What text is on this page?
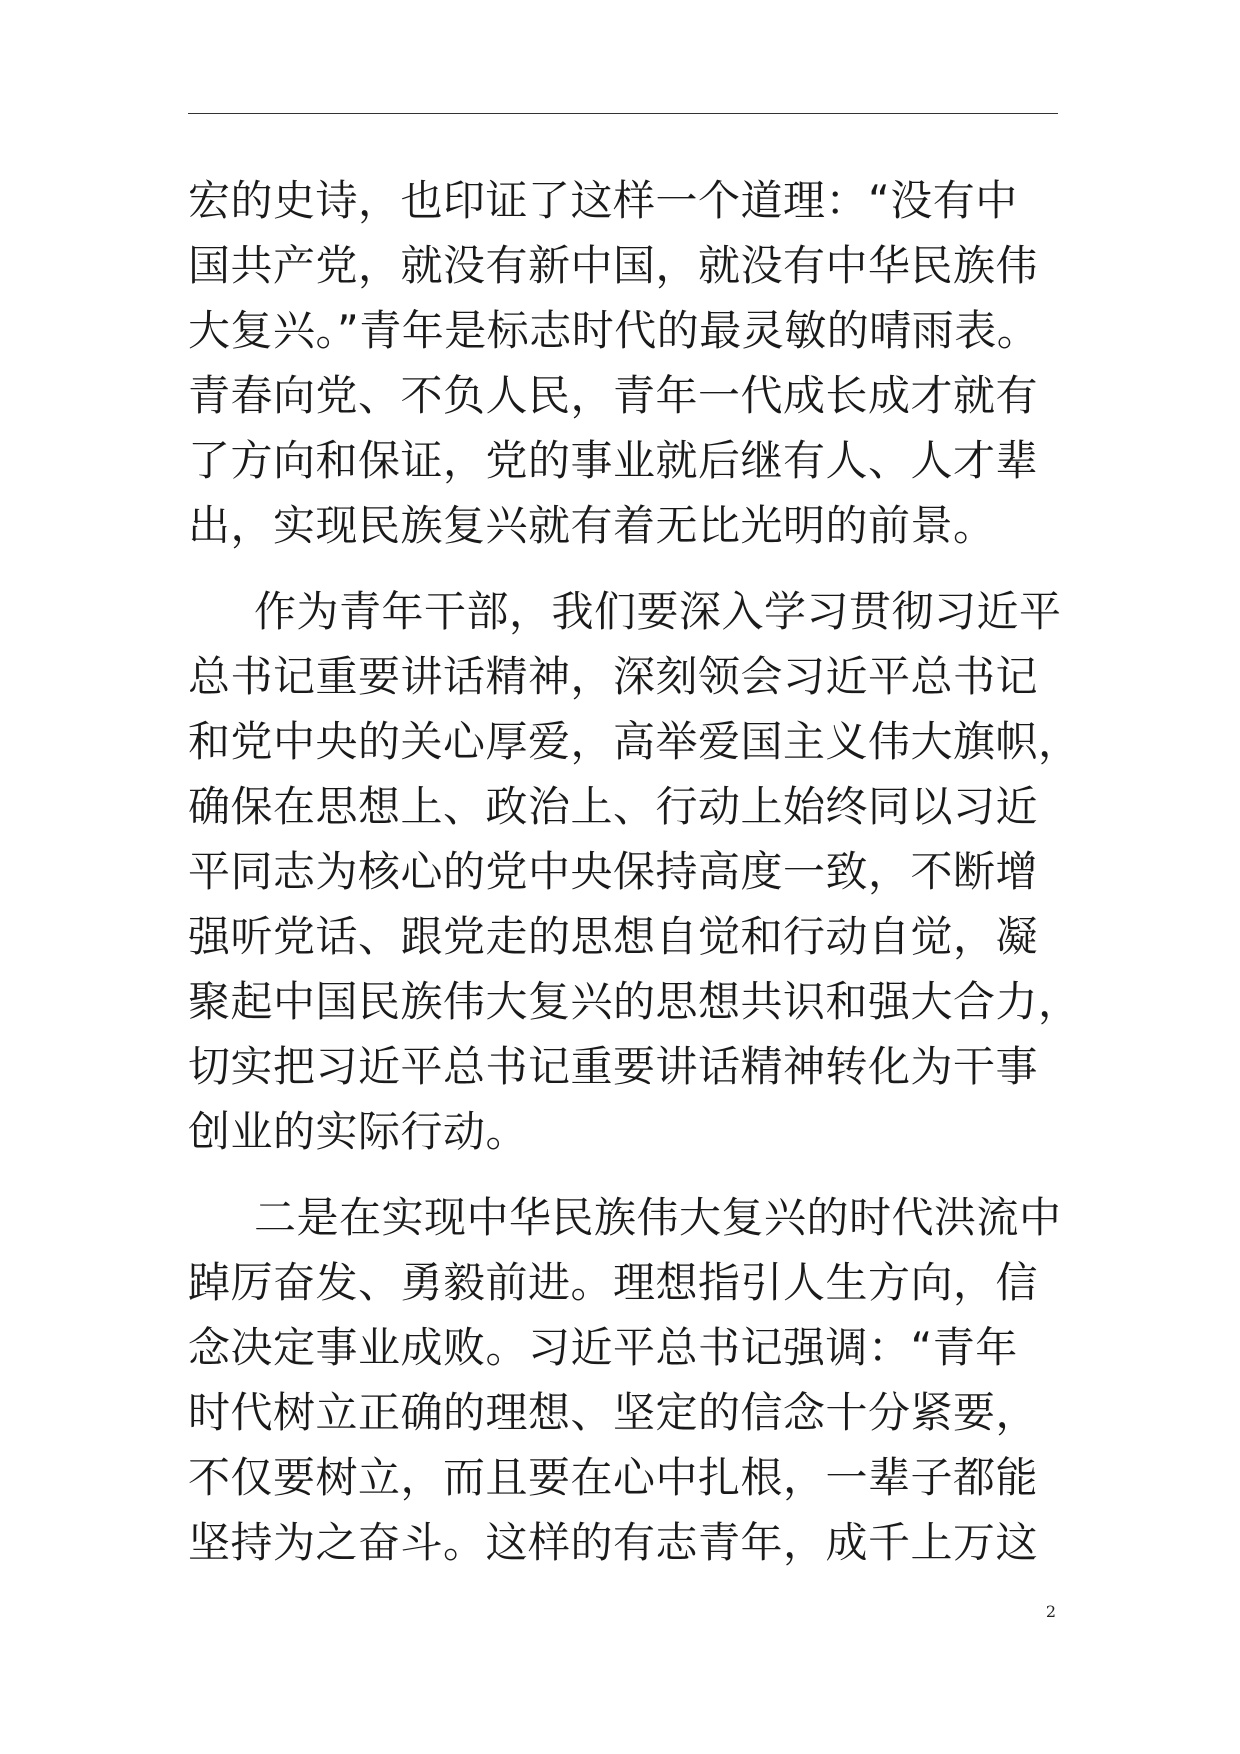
宏的史诗，也印证了这样一个道理：“没有中
国共产党，就没有新中国，就没有中华民族伟
大复兴。”青年是标志时代的最灵敏的晴雨表。
青春向党、不负人民，青年一代成长成才就有
了方向和保证，党的事业就后继有人、人才辈
出，实现民族复兴就有着无比光明的前景。
作为青年干部，我们要深入学习贯彻习近平
总书记重要讲话精神，深刻领会习近平总书记
和党中央的关心厚爱，高举爱国主义伟大旗帜，
确保在思想上、政治上、行动上始终同以习近
平同志为核心的党中央保持高度一致，不断增
强听党话、跟党走的思想自觉和行动自觉，凝
聚起中国民族伟大复兴的思想共识和强大合力，
切实把习近平总书记重要讲话精神转化为干事
创业的实际行动。
二是在实现中华民族伟大复兴的时代洪流中
踔厉奋发、勇毅前进。理想指引人生方向，信
念决定事业成败。习近平总书记强调：“青年
时代树立正确的理想、坚定的信念十分紧要，
不仅要树立，而且要在心中扎根，一辈子都能
坚持为之奋斗。这样的有志青年，成千上万这
2
